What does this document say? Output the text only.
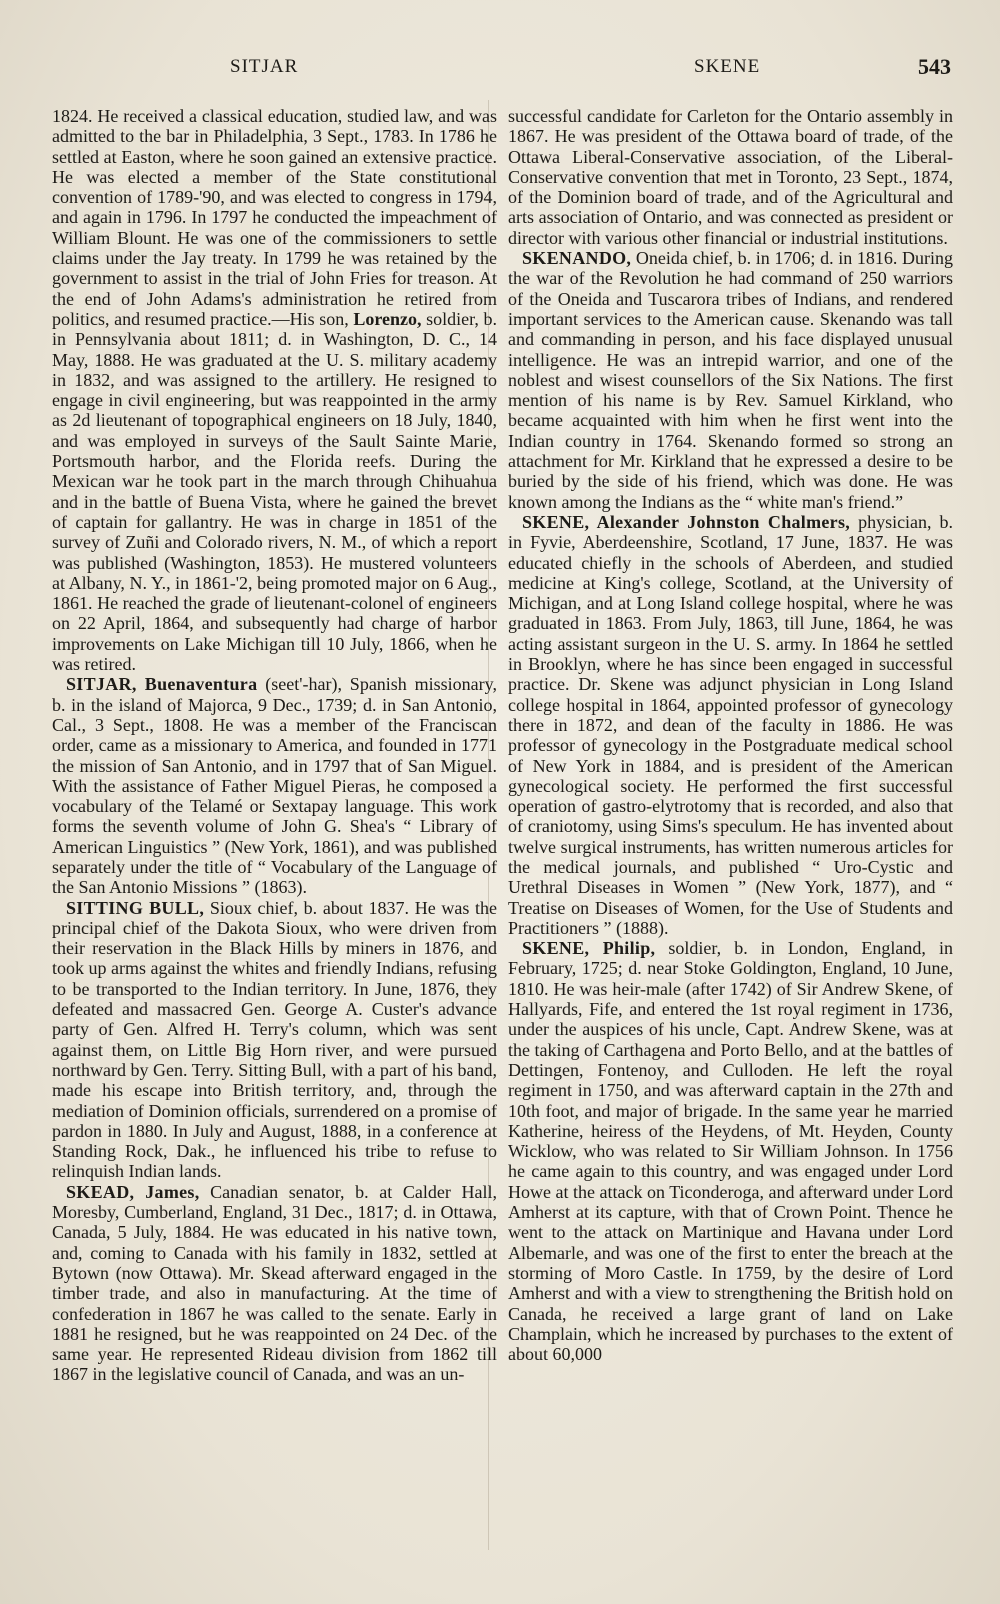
SITJAR	SKENE	543

1824. He received a classical education, studied law, and was admitted to the bar in Philadelphia, 3 Sept., 1783. In 1786 he settled at Easton, where he soon gained an extensive practice. He was elected a member of the State constitutional convention of 1789-'90, and was elected to congress in 1794, and again in 1796. In 1797 he conducted the impeachment of William Blount. He was one of the commissioners to settle claims under the Jay treaty. In 1799 he was retained by the government to assist in the trial of John Fries for treason. At the end of John Adams's administration he retired from politics, and resumed practice.—His son, Lorenzo, soldier, b. in Pennsylvania about 1811; d. in Washington, D. C., 14 May, 1888. He was graduated at the U. S. military academy in 1832, and was assigned to the artillery. He resigned to engage in civil engineering, but was reappointed in the army as 2d lieutenant of topographical engineers on 18 July, 1840, and was employed in surveys of the Sault Sainte Marie, Portsmouth harbor, and the Florida reefs. During the Mexican war he took part in the march through Chihuahua and in the battle of Buena Vista, where he gained the brevet of captain for gallantry. He was in charge in 1851 of the survey of Zuñi and Colorado rivers, N. M., of which a report was published (Washington, 1853). He mustered volunteers at Albany, N. Y., in 1861-'2, being promoted major on 6 Aug., 1861. He reached the grade of lieutenant-colonel of engineers on 22 April, 1864, and subsequently had charge of harbor improvements on Lake Michigan till 10 July, 1866, when he was retired.

SITJAR, Buenaventura (seet'-har), Spanish missionary, b. in the island of Majorca, 9 Dec., 1739; d. in San Antonio, Cal., 3 Sept., 1808. He was a member of the Franciscan order, came as a missionary to America, and founded in 1771 the mission of San Antonio, and in 1797 that of San Miguel. With the assistance of Father Miguel Pieras, he composed a vocabulary of the Telamé or Sextapay language. This work forms the seventh volume of John G. Shea's “ Library of American Linguistics ” (New York, 1861), and was published separately under the title of “ Vocabulary of the Language of the San Antonio Missions ” (1863).

SITTING BULL, Sioux chief, b. about 1837. He was the principal chief of the Dakota Sioux, who were driven from their reservation in the Black Hills by miners in 1876, and took up arms against the whites and friendly Indians, refusing to be transported to the Indian territory. In June, 1876, they defeated and massacred Gen. George A. Custer's advance party of Gen. Alfred H. Terry's column, which was sent against them, on Little Big Horn river, and were pursued northward by Gen. Terry. Sitting Bull, with a part of his band, made his escape into British territory, and, through the mediation of Dominion officials, surrendered on a promise of pardon in 1880. In July and August, 1888, in a conference at Standing Rock, Dak., he influenced his tribe to refuse to relinquish Indian lands.

SKEAD, James, Canadian senator, b. at Calder Hall, Moresby, Cumberland, England, 31 Dec., 1817; d. in Ottawa, Canada, 5 July, 1884. He was educated in his native town, and, coming to Canada with his family in 1832, settled at Bytown (now Ottawa). Mr. Skead afterward engaged in the timber trade, and also in manufacturing. At the time of confederation in 1867 he was called to the senate. Early in 1881 he resigned, but he was reappointed on 24 Dec. of the same year. He represented Rideau division from 1862 till 1867 in the legislative council of Canada, and was an un-

successful candidate for Carleton for the Ontario assembly in 1867. He was president of the Ottawa board of trade, of the Ottawa Liberal-Conservative association, of the Liberal-Conservative convention that met in Toronto, 23 Sept., 1874, of the Dominion board of trade, and of the Agricultural and arts association of Ontario, and was connected as president or director with various other financial or industrial institutions.

SKENANDO, Oneida chief, b. in 1706; d. in 1816. During the war of the Revolution he had command of 250 warriors of the Oneida and Tuscarora tribes of Indians, and rendered important services to the American cause. Skenando was tall and commanding in person, and his face displayed unusual intelligence. He was an intrepid warrior, and one of the noblest and wisest counsellors of the Six Nations. The first mention of his name is by Rev. Samuel Kirkland, who became acquainted with him when he first went into the Indian country in 1764. Skenando formed so strong an attachment for Mr. Kirkland that he expressed a desire to be buried by the side of his friend, which was done. He was known among the Indians as the “ white man's friend.”

SKENE, Alexander Johnston Chalmers, physician, b. in Fyvie, Aberdeenshire, Scotland, 17 June, 1837. He was educated chiefly in the schools of Aberdeen, and studied medicine at King's college, Scotland, at the University of Michigan, and at Long Island college hospital, where he was graduated in 1863. From July, 1863, till June, 1864, he was acting assistant surgeon in the U. S. army. In 1864 he settled in Brooklyn, where he has since been engaged in successful practice. Dr. Skene was adjunct physician in Long Island college hospital in 1864, appointed professor of gynecology there in 1872, and dean of the faculty in 1886. He was professor of gynecology in the Postgraduate medical school of New York in 1884, and is president of the American gynecological society. He performed the first successful operation of gastro-elytrotomy that is recorded, and also that of craniotomy, using Sims's speculum. He has invented about twelve surgical instruments, has written numerous articles for the medical journals, and published “ Uro-Cystic and Urethral Diseases in Women ” (New York, 1877), and “ Treatise on Diseases of Women, for the Use of Students and Practitioners ” (1888).

SKENE, Philip, soldier, b. in London, England, in February, 1725; d. near Stoke Goldington, England, 10 June, 1810. He was heir-male (after 1742) of Sir Andrew Skene, of Hallyards, Fife, and entered the 1st royal regiment in 1736, under the auspices of his uncle, Capt. Andrew Skene, was at the taking of Carthagena and Porto Bello, and at the battles of Dettingen, Fontenoy, and Culloden. He left the royal regiment in 1750, and was afterward captain in the 27th and 10th foot, and major of brigade. In the same year he married Katherine, heiress of the Heydens, of Mt. Heyden, County Wicklow, who was related to Sir William Johnson. In 1756 he came again to this country, and was engaged under Lord Howe at the attack on Ticonderoga, and afterward under Lord Amherst at its capture, with that of Crown Point. Thence he went to the attack on Martinique and Havana under Lord Albemarle, and was one of the first to enter the breach at the storming of Moro Castle. In 1759, by the desire of Lord Amherst and with a view to strengthening the British hold on Canada, he received a large grant of land on Lake Champlain, which he increased by purchases to the extent of about 60,000
